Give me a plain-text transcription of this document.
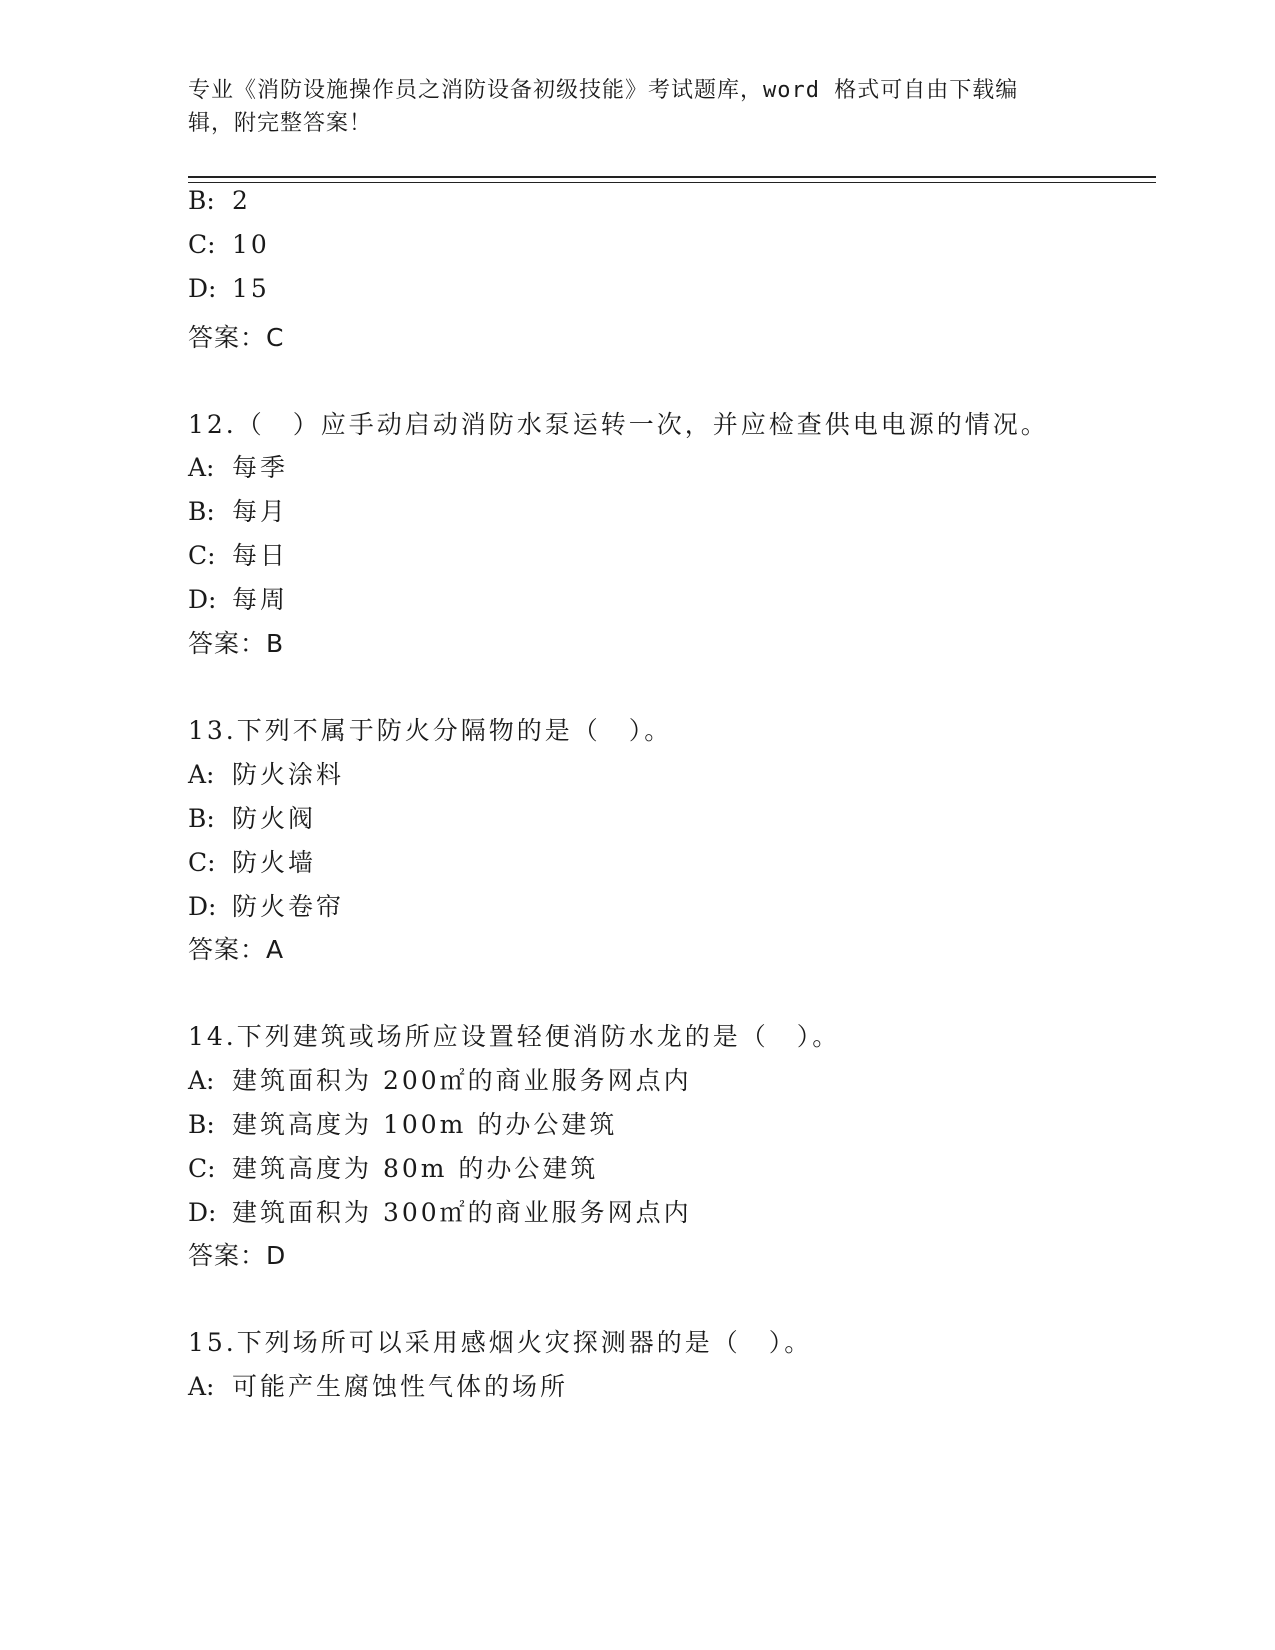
专业《消防设施操作员之消防设备初级技能》考试题库，word 格式可自由下载编
辑，附完整答案！
B: 2
C: 10
D: 15
答案：C
12.（　）应手动启动消防水泵运转一次，并应检查供电电源的情况。
A: 每季
B: 每月
C: 每日
D: 每周
答案：B
13.下列不属于防火分隔物的是（　）。
A: 防火涂料
B: 防火阀
C: 防火墙
D: 防火卷帘
答案：A
14.下列建筑或场所应设置轻便消防水龙的是（　）。
A: 建筑面积为 200㎡的商业服务网点内
B: 建筑高度为 100m 的办公建筑
C: 建筑高度为 80m 的办公建筑
D: 建筑面积为 300㎡的商业服务网点内
答案：D
15.下列场所可以采用感烟火灾探测器的是（　）。
A: 可能产生腐蚀性气体的场所
